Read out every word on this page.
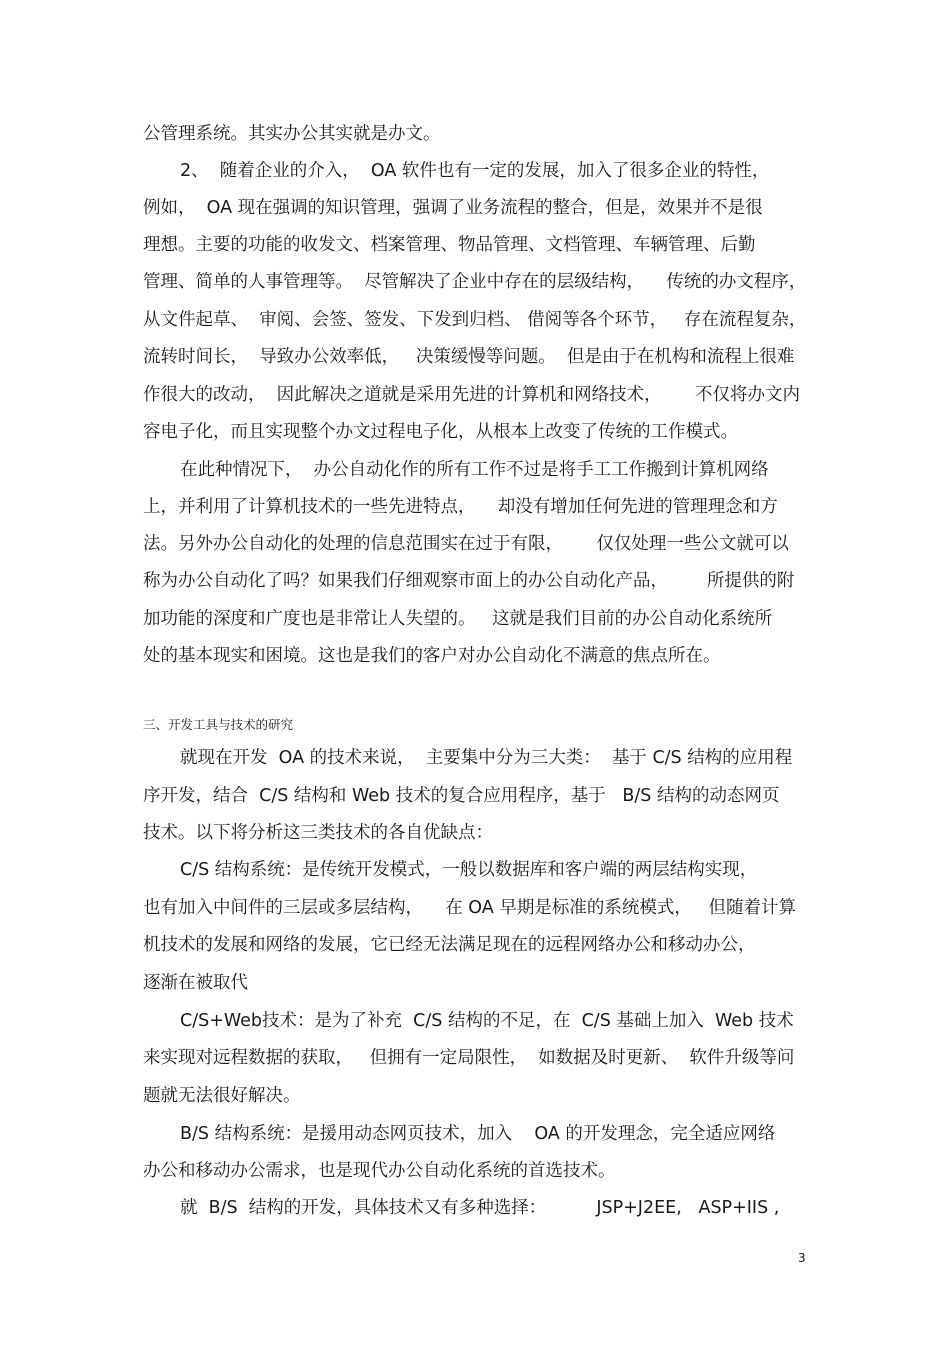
公管理系统。其实办公其实就是办文。
2、  随着企业的介入，  OA 软件也有一定的发展，加入了很多企业的特性，
例如，  OA 现在强调的知识管理，强调了业务流程的整合，但是，效果并不是很
理想。主要的功能的收发文、档案管理、物品管理、文档管理、车辆管理、后勤
管理、简单的人事管理等。  尽管解决了企业中存在的层级结构，    传统的办文程序，
从文件起草、  审阅、会签、签发、下发到归档、 借阅等各个环节，   存在流程复杂，
流转时间长，  导致办公效率低，   决策缓慢等问题。  但是由于在机构和流程上很难
作很大的改动，  因此解决之道就是采用先进的计算机和网络技术，      不仅将办文内
容电子化，而且实现整个办文过程电子化，从根本上改变了传统的工作模式。
在此种情况下，  办公自动化作的所有工作不过是将手工工作搬到计算机网络
上，并利用了计算机技术的一些先进特点，    却没有增加任何先进的管理理念和方
法。另外办公自动化的处理的信息范围实在过于有限，      仅仅处理一些公文就可以
称为办公自动化了吗？如果我们仔细观察市面上的办公自动化产品，       所提供的附
加功能的深度和广度也是非常让人失望的。   这就是我们目前的办公自动化系统所
处的基本现实和困境。这也是我们的客户对办公自动化不满意的焦点所在。
三、开发工具与技术的研究
就现在开发  OA 的技术来说，  主要集中分为三大类：  基于 C/S 结构的应用程
序开发，结合  C/S 结构和 Web 技术的复合应用程序，基于   B/S 结构的动态网页
技术。以下将分析这三类技术的各自优缺点：
C/S 结构系统：是传统开发模式，一般以数据库和客户端的两层结构实现，
也有加入中间件的三层或多层结构，    在 OA 早期是标准的系统模式，   但随着计算
机技术的发展和网络的发展，它已经无法满足现在的远程网络办公和移动办公，
逐渐在被取代
C/S+Web技术：是为了补充  C/S 结构的不足，在  C/S 基础上加入  Web 技术
来实现对远程数据的获取，   但拥有一定局限性，  如数据及时更新、  软件升级等问
题就无法很好解决。
B/S 结构系统：是援用动态网页技术，加入    OA 的开发理念，完全适应网络
办公和移动办公需求，也是现代办公自动化系统的首选技术。
就  B/S  结构的开发，具体技术又有多种选择：         JSP+J2EE,   ASP+IIS ,
3
